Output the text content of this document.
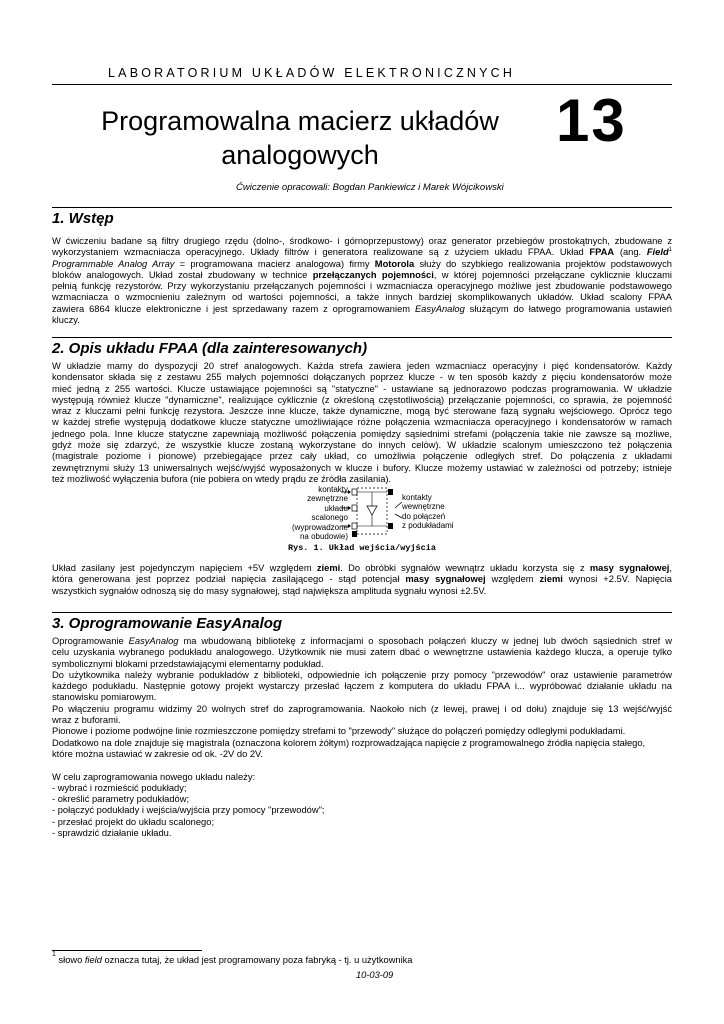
LABORATORIUM UKŁADÓW ELEKTRONICZNYCH
Programowalna macierz układów
analogowych
13
Ćwiczenie opracowali: Bogdan Pankiewicz i Marek Wójcikowski
1. Wstęp
W ćwiczeniu badane są filtry drugiego rzędu (dolno-, środkowo- i górnoprzepustowy) oraz generator przebiegów prostokątnych, zbudowane z
wykorzystaniem wzmacniacza operacyjnego. Układy filtrów i generatora realizowane są z użyciem układu FPAA. Układ FPAA (ang. Field$^1$
Programmable Analog Array = programowana macierz analogowa) firmy Motorola służy do szybkiego realizowania projektów podstawowych
bloków analogowych. Układ został zbudowany w technice przełączanych pojemności, w której pojemności przełączane cyklicznie kluczami
pełnią funkcję rezystorów. Przy wykorzystaniu przełączanych pojemności i wzmacniacza operacyjnego możliwe jest zbudowanie podstawowego
wzmacniacza o wzmocnieniu zależnym od wartości pojemności, a także innych bardziej skomplikowanych układów. Układ scalony FPAA
zawiera 6864 klucze elektroniczne i jest sprzedawany razem z oprogramowaniem EasyAnalog służącym do łatwego programowania ustawień
kluczy.
2. Opis układu FPAA (dla zainteresowanych)
W układzie mamy do dyspozycji 20 stref analogowych. Każda strefa zawiera jeden wzmacniacz operacyjny i pięć kondensatorów. Każdy
kondensator składa się z zestawu 255 małych pojemności dołączanych poprzez klucze - w ten sposób każdy z pięciu kondensatorów może
mieć jedną z 255 wartości. Klucze ustawiające pojemności są "statyczne" - ustawiane są jednorazowo podczas programowania. W układzie
występują również klucze "dynamiczne", realizujące cyklicznie (z określoną częstotliwością) przełączanie pojemności, co sprawia, że pojemność
wraz z kluczami pełni funkcję rezystora. Jeszcze inne klucze, także dynamiczne, mogą być sterowane fazą sygnału wejściowego. Oprócz tego
w każdej strefie występują dodatkowe klucze statyczne umożliwiające różne połączenia wzmacniacza operacyjnego i kondensatorów w ramach
jednego pola. Inne klucze statyczne zapewniają możliwość połączenia pomiędzy sąsiednimi strefami (połączenia takie nie zawsze są możliwe,
gdyż może się zdarzyć, że wszystkie klucze zostaną wykorzystane do innych celów). W układzie scalonym umieszczono też połączenia
(magistrale poziome i pionowe) przebiegające przez cały układ, co umożliwia połączenie odległych stref. Do połączenia z układami
zewnętrznymi służy 13 uniwersalnych wejść/wyjść wyposażonych w klucze i bufory. Klucze możemy ustawiać w zależności od potrzeby; istnieje
też możliwość wyłączenia bufora (nie pobiera on wtedy prądu ze źródła zasilania).
kontakty
zewnętrzne
układu
scalonego
(wyprowadzone
na obudowie)
kontakty
wewnętrzne
do połączeń
z podukładami
Rys. 1. Układ wejścia/wyjścia
Układ zasilany jest pojedynczym napięciem +5V względem ziemi. Do obróbki sygnałów wewnątrz układu korzysta się z masy sygnałowej,
która generowana jest poprzez podział napięcia zasilającego - stąd potencjał masy sygnałowej względem ziemi wynosi +2.5V. Napięcia
wszystkich sygnałów odnoszą się do masy sygnałowej, stąd największa amplituda sygnału wynosi ±2.5V.
3. Oprogramowanie EasyAnalog
Oprogramowanie EasyAnalog ma wbudowaną bibliotekę z informacjami o sposobach połączeń kluczy w jednej lub dwóch sąsiednich stref w
celu uzyskania wybranego podukładu analogowego. Użytkownik nie musi zatem dbać o wewnętrzne ustawienia każdego klucza, a operuje tylko
symbolicznymi blokami przedstawiającymi elementarny podukład.
Do użytkownika należy wybranie podukładów z biblioteki, odpowiednie ich połączenie przy pomocy "przewodów" oraz ustawienie parametrów
każdego podukładu. Następnie gotowy projekt wystarczy przesłać łączem z komputera do układu FPAA i... wypróbować działanie układu na
stanowisku pomiarowym.
Po włączeniu programu widzimy 20 wolnych stref do zaprogramowania. Naokoło nich (z lewej, prawej i od dołu) znajduje się 13 wejść/wyjść
wraz z buforami.
Pionowe i poziome podwójne linie rozmieszczone pomiędzy strefami to "przewody" służące do połączeń pomiędzy odległymi podukładami.
Dodatkowo na dole znajduje się magistrala (oznaczona kolorem żółtym) rozprowadzająca napięcie z programowalnego źródła napięcia stałego,
które można ustawiać w zakresie od ok. -2V do 2V.

W celu zaprogramowania nowego układu należy:
- wybrać i rozmieścić podukłady;
- określić parametry podukładów;
- połączyć podukłady i wejścia/wyjścia przy pomocy "przewodów";
- przesłać projekt do układu scalonego;
- sprawdzić działanie układu.
$^1$ słowo field oznacza tutaj, że układ jest programowany poza fabryką - tj. u użytkownika
10-03-09
